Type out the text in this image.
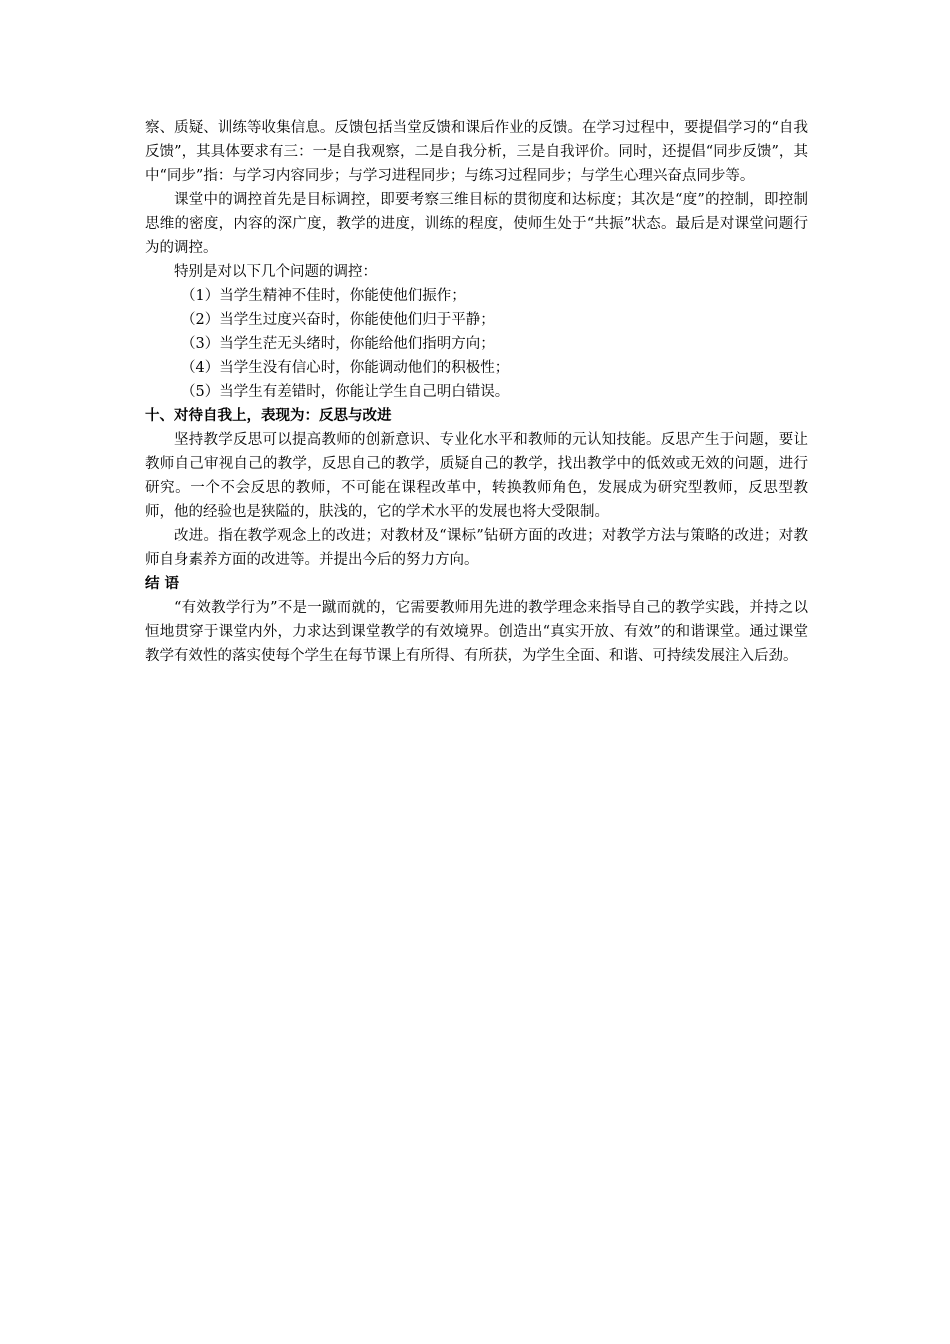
察、质疑、训练等收集信息。反馈包括当堂反馈和课后作业的反馈。在学习过程中，要提倡学习的“自我反馈”，其具体要求有三：一是自我观察，二是自我分析，三是自我评价。同时，还提倡“同步反馈”，其中“同步”指：与学习内容同步；与学习进程同步；与练习过程同步；与学生心理兴奋点同步等。

课堂中的调控首先是目标调控，即要考察三维目标的贯彻度和达标度；其次是“度”的控制，即控制思维的密度，内容的深广度，教学的进度，训练的程度，使师生处于“共振”状态。最后是对课堂问题行为的调控。

特别是对以下几个问题的调控：

（1）当学生精神不佳时，你能使他们振作；

（2）当学生过度兴奋时，你能使他们归于平静；

（3）当学生茫无头绪时，你能给他们指明方向；

（4）当学生没有信心时，你能调动他们的积极性；

（5）当学生有差错时，你能让学生自己明白错误。

十、对待自我上，表现为：反思与改进

坚持教学反思可以提高教师的创新意识、专业化水平和教师的元认知技能。反思产生于问题，要让教师自己审视自己的教学，反思自己的教学，质疑自己的教学，找出教学中的低效或无效的问题，进行研究。一个不会反思的教师，不可能在课程改革中，转换教师角色，发展成为研究型教师，反思型教师，他的经验也是狭隘的，肤浅的，它的学术水平的发展也将大受限制。

改进。指在教学观念上的改进；对教材及“课标”钻研方面的改进；对教学方法与策略的改进；对教师自身素养方面的改进等。并提出今后的努力方向。

结 语

“有效教学行为”不是一蹴而就的，它需要教师用先进的教学理念来指导自己的教学实践，并持之以恒地贯穿于课堂内外，力求达到课堂教学的有效境界。创造出“真实开放、有效”的和谐课堂。通过课堂教学有效性的落实使每个学生在每节课上有所得、有所获，为学生全面、和谐、可持续发展注入后劲。
